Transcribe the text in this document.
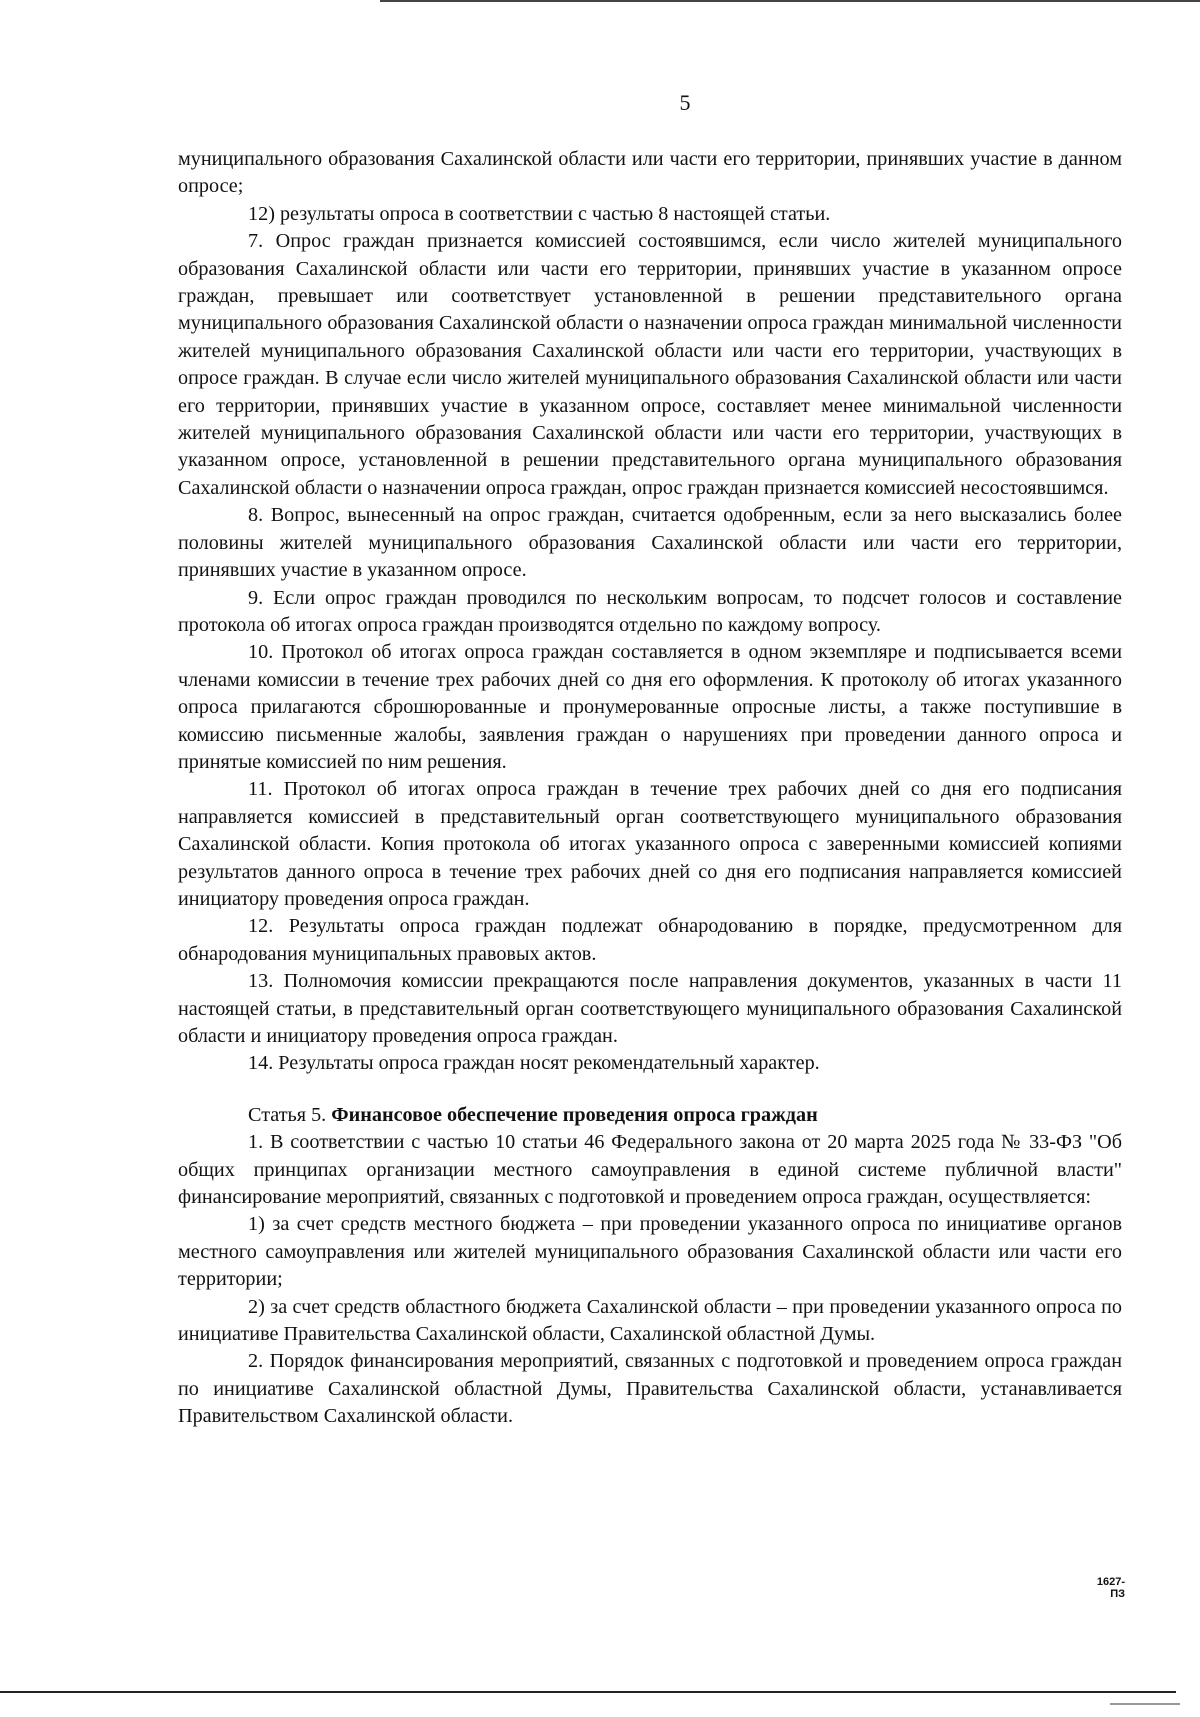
5

муниципального образования Сахалинской области или части его территории, принявших участие в данном опросе;

12) результаты опроса в соответствии с частью 8 настоящей статьи.

7. Опрос граждан признается комиссией состоявшимся, если число жителей муниципального образования Сахалинской области или части его территории, принявших участие в указанном опросе граждан, превышает или соответствует установленной в решении представительного органа муниципального образования Сахалинской области о назначении опроса граждан минимальной численности жителей муниципального образования Сахалинской области или части его территории, участвующих в опросе граждан. В случае если число жителей муниципального образования Сахалинской области или части его территории, принявших участие в указанном опросе, составляет менее минимальной численности жителей муниципального образования Сахалинской области или части его территории, участвующих в указанном опросе, установленной в решении представительного органа муниципального образования Сахалинской области о назначении опроса граждан, опрос граждан признается комиссией несостоявшимся.

8. Вопрос, вынесенный на опрос граждан, считается одобренным, если за него высказались более половины жителей муниципального образования Сахалинской области или части его территории, принявших участие в указанном опросе.

9. Если опрос граждан проводился по нескольким вопросам, то подсчет голосов и составление протокола об итогах опроса граждан производятся отдельно по каждому вопросу.

10. Протокол об итогах опроса граждан составляется в одном экземпляре и подписывается всеми членами комиссии в течение трех рабочих дней со дня его оформления. К протоколу об итогах указанного опроса прилагаются сброшюрованные и пронумерованные опросные листы, а также поступившие в комиссию письменные жалобы, заявления граждан о нарушениях при проведении данного опроса и принятые комиссией по ним решения.

11. Протокол об итогах опроса граждан в течение трех рабочих дней со дня его подписания направляется комиссией в представительный орган соответствующего муниципального образования Сахалинской области. Копия протокола об итогах указанного опроса с заверенными комиссией копиями результатов данного опроса в течение трех рабочих дней со дня его подписания направляется комиссией инициатору проведения опроса граждан.

12. Результаты опроса граждан подлежат обнародованию в порядке, предусмотренном для обнародования муниципальных правовых актов.

13. Полномочия комиссии прекращаются после направления документов, указанных в части 11 настоящей статьи, в представительный орган соответствующего муниципального образования Сахалинской области и инициатору проведения опроса граждан.

14. Результаты опроса граждан носят рекомендательный характер.

Статья 5. Финансовое обеспечение проведения опроса граждан

1. В соответствии с частью 10 статьи 46 Федерального закона от 20 марта 2025 года № 33-ФЗ "Об общих принципах организации местного самоуправления в единой системе публичной власти" финансирование мероприятий, связанных с подготовкой и проведением опроса граждан, осуществляется:

1) за счет средств местного бюджета – при проведении указанного опроса по инициативе органов местного самоуправления или жителей муниципального образования Сахалинской области или части его территории;

2) за счет средств областного бюджета Сахалинской области – при проведении указанного опроса по инициативе Правительства Сахалинской области, Сахалинской областной Думы.

2. Порядок финансирования мероприятий, связанных с подготовкой и проведением опроса граждан по инициативе Сахалинской областной Думы, Правительства Сахалинской области, устанавливается Правительством Сахалинской области.

1627-ПЗ
